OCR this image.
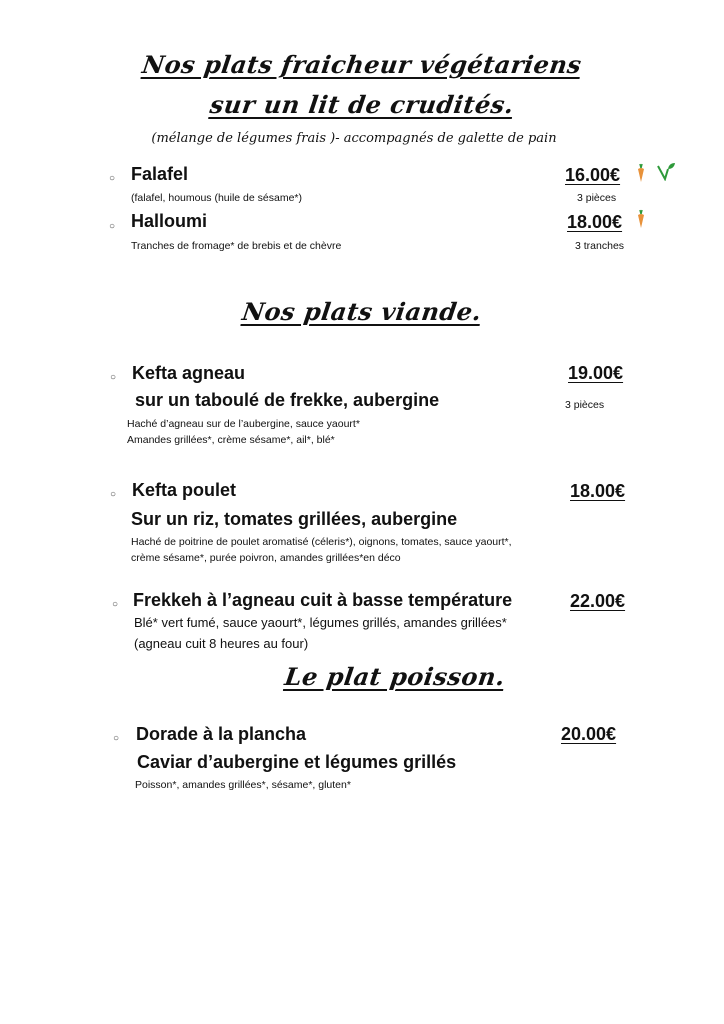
Nos plats fraicheur végétariens
sur un lit de crudités.
(mélange de légumes frais )- accompagnés de galette de pain
○ Falafel	16.00€
(falafel, houmous (huile de sésame*)	3 pièces
○ Halloumi	18.00€
Tranches de fromage* de brebis et de chèvre	3 tranches
Nos plats viande.
○ Kefta agneau	19.00€
sur un taboulé de frekke, aubergine	3 pièces
Haché d’agneau sur de l’aubergine, sauce yaourt*
Amandes grillées*, crème sésame*, ail*, blé*
○ Kefta poulet	18.00€
Sur un riz, tomates grillées, aubergine
Haché de poitrine de poulet aromatisé (céleris*), oignons, tomates, sauce yaourt*,
crème sésame*, purée poivron, amandes grillées*en déco
○ Frekkeh à l’agneau cuit à basse température	22.00€
Blé* vert fumé, sauce yaourt*, légumes grillés, amandes grillées*
(agneau cuit 8 heures au four)
Le plat poisson.
○ Dorade à la plancha	20.00€
Caviar d’aubergine et légumes grillés
Poisson*, amandes grillées*, sésame*, gluten*
